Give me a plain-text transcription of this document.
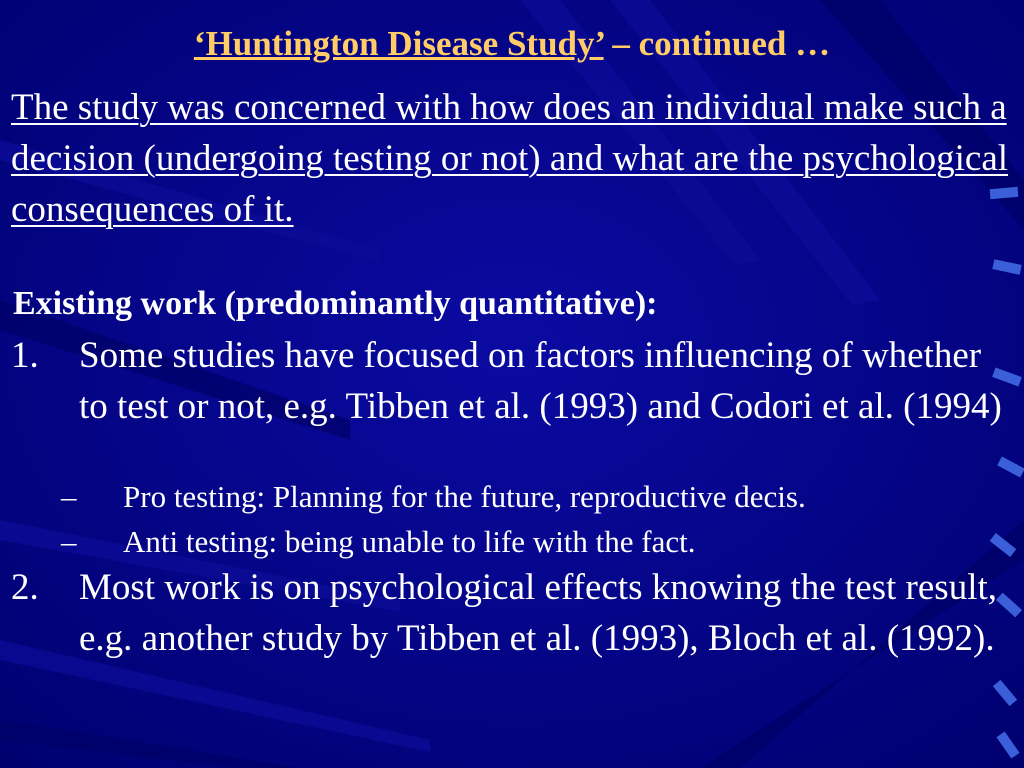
‘Huntington Disease Study’ – continued …
The study was concerned with how does an individual make such a decision (undergoing testing or not) and what are the psychological consequences of it.
Existing work (predominantly quantitative):
1. Some studies have focused on factors influencing of whether to test or not, e.g. Tibben et al. (1993) and Codori et al. (1994)
– Pro testing: Planning for the future, reproductive decis.
– Anti testing: being unable to life with the fact.
2. Most work is on psychological effects knowing the test result, e.g. another study by Tibben et al. (1993), Bloch et al. (1992).
